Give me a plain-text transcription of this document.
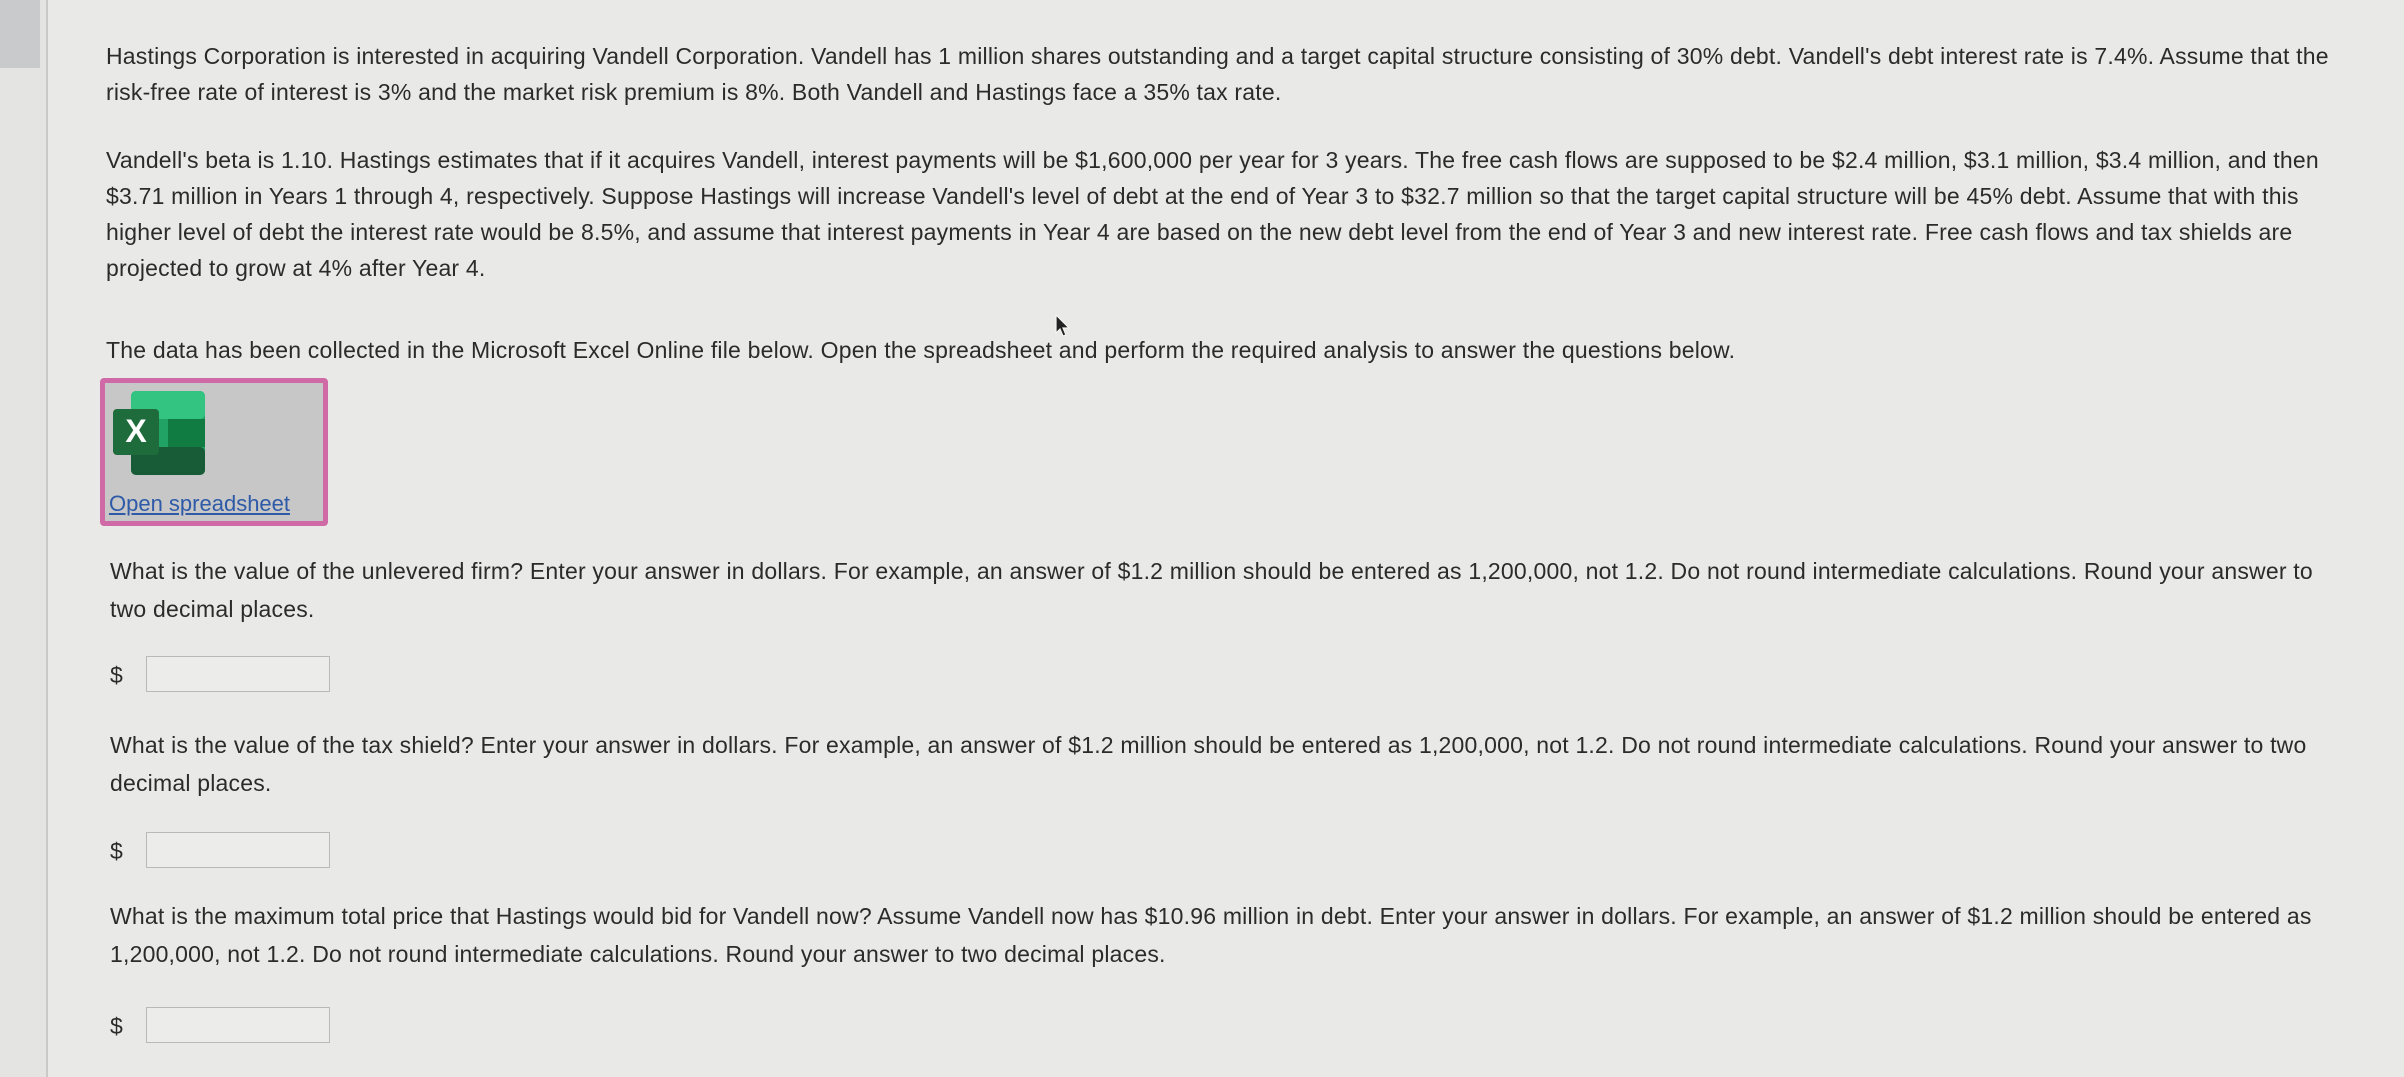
Hastings Corporation is interested in acquiring Vandell Corporation. Vandell has 1 million shares outstanding and a target capital structure consisting of 30% debt. Vandell's debt interest rate is 7.4%. Assume that the risk-free rate of interest is 3% and the market risk premium is 8%. Both Vandell and Hastings face a 35% tax rate.

Vandell's beta is 1.10. Hastings estimates that if it acquires Vandell, interest payments will be $1,600,000 per year for 3 years. The free cash flows are supposed to be $2.4 million, $3.1 million, $3.4 million, and then $3.71 million in Years 1 through 4, respectively. Suppose Hastings will increase Vandell's level of debt at the end of Year 3 to $32.7 million so that the target capital structure will be 45% debt. Assume that with this higher level of debt the interest rate would be 8.5%, and assume that interest payments in Year 4 are based on the new debt level from the end of Year 3 and new interest rate. Free cash flows and tax shields are projected to grow at 4% after Year 4.

The data has been collected in the Microsoft Excel Online file below. Open the spreadsheet and perform the required analysis to answer the questions below.

X
Open spreadsheet

What is the value of the unlevered firm? Enter your answer in dollars. For example, an answer of $1.2 million should be entered as 1,200,000, not 1.2. Do not round intermediate calculations. Round your answer to two decimal places.

$

What is the value of the tax shield? Enter your answer in dollars. For example, an answer of $1.2 million should be entered as 1,200,000, not 1.2. Do not round intermediate calculations. Round your answer to two decimal places.

$

What is the maximum total price that Hastings would bid for Vandell now? Assume Vandell now has $10.96 million in debt. Enter your answer in dollars. For example, an answer of $1.2 million should be entered as 1,200,000, not 1.2. Do not round intermediate calculations. Round your answer to two decimal places.

$
